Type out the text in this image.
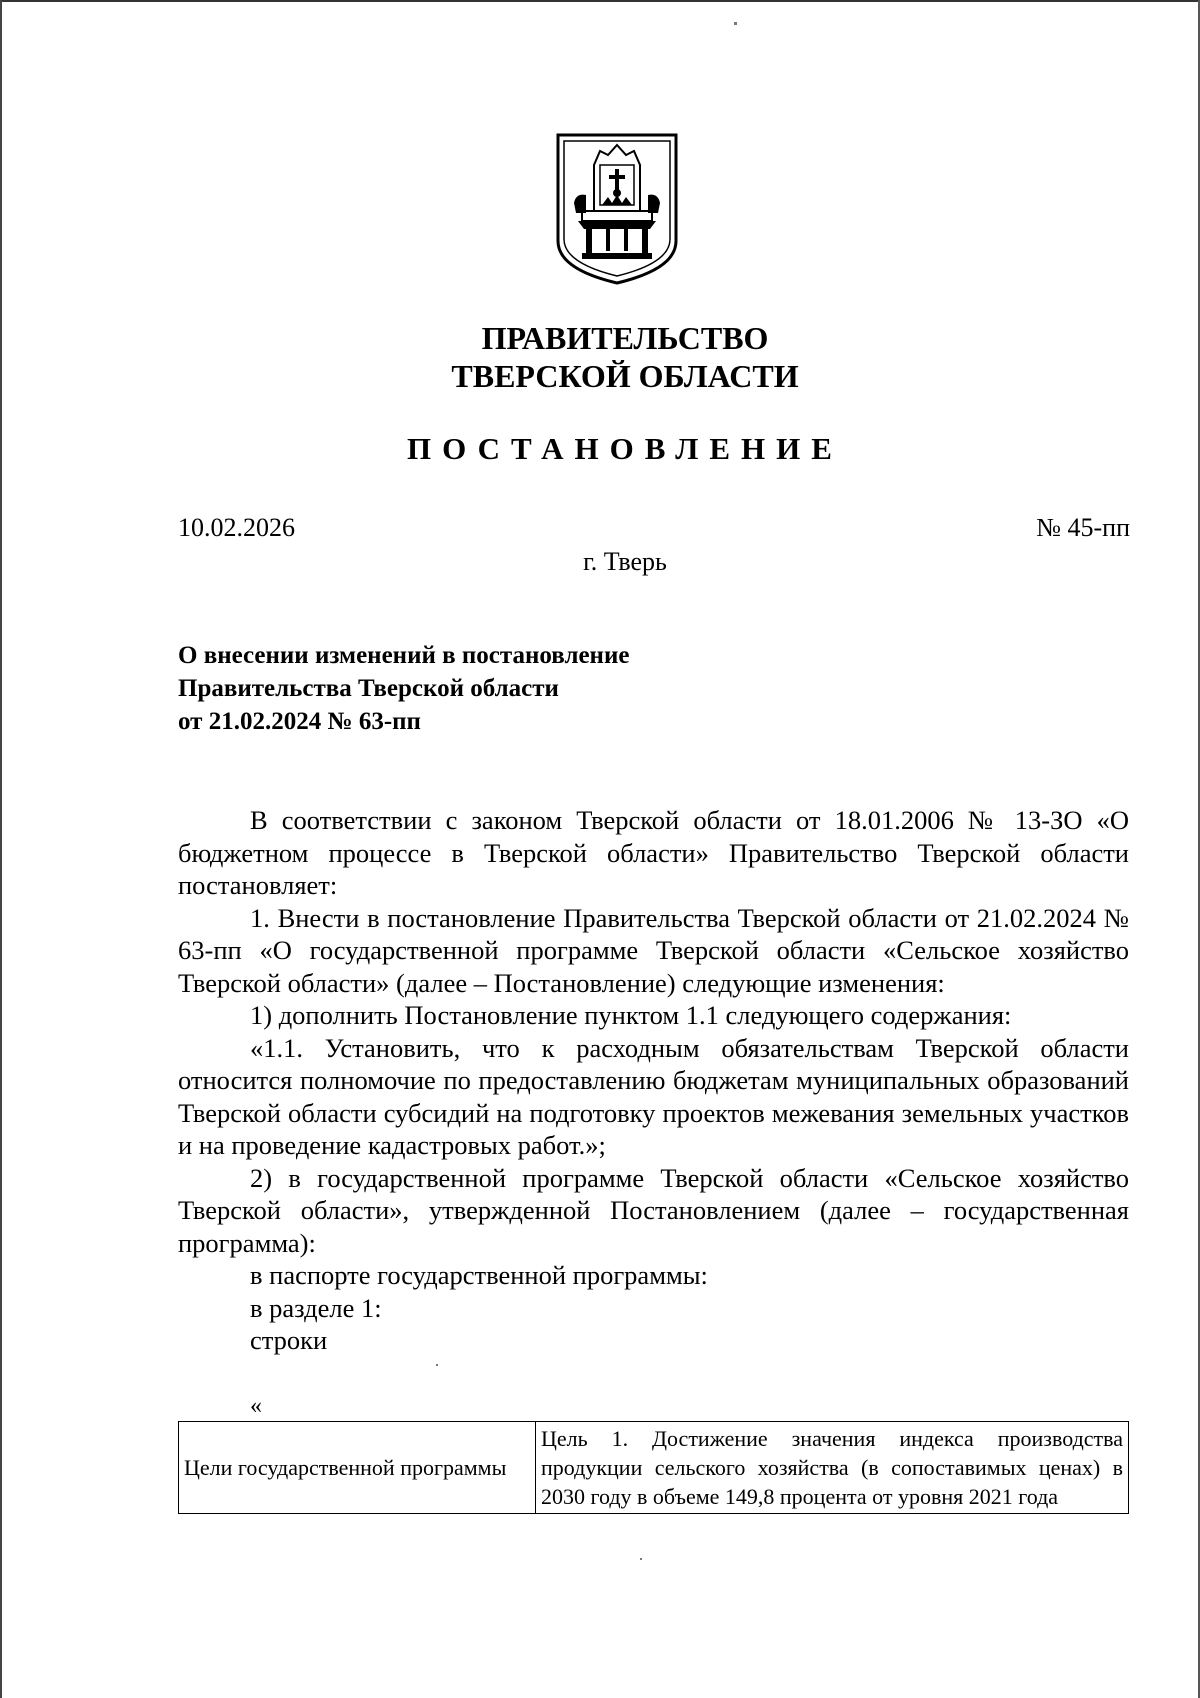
ПРАВИТЕЛЬСТВО
ТВЕРСКОЙ ОБЛАСТИ
ПОСТАНОВЛЕНИЕ
10.02.2026	№ 45-пп
г. Тверь
О внесении изменений в постановление
Правительства Тверской области
от 21.02.2024 № 63-пп

В соответствии с законом Тверской области от 18.01.2006 № 13-ЗО «О бюджетном процессе в Тверской области» Правительство Тверской области постановляет:

1. Внести в постановление Правительства Тверской области от 21.02.2024 № 63-пп «О государственной программе Тверской области «Сельское хозяйство Тверской области» (далее – Постановление) следующие изменения:

1) дополнить Постановление пунктом 1.1 следующего содержания:

«1.1. Установить, что к расходным обязательствам Тверской области относится полномочие по предоставлению бюджетам муниципальных образований Тверской области субсидий на подготовку проектов межевания земельных участков и на проведение кадастровых работ.»;

2) в государственной программе Тверской области «Сельское хозяйство Тверской области», утвержденной Постановлением (далее – государственная программа):

в паспорте государственной программы:

в разделе 1:

строки

«
Цели государственной программы	Цель 1. Достижение значения индекса производства продукции сельского хозяйства (в сопоставимых ценах) в 2030 году в объеме 149,8 процента от уровня 2021 года
